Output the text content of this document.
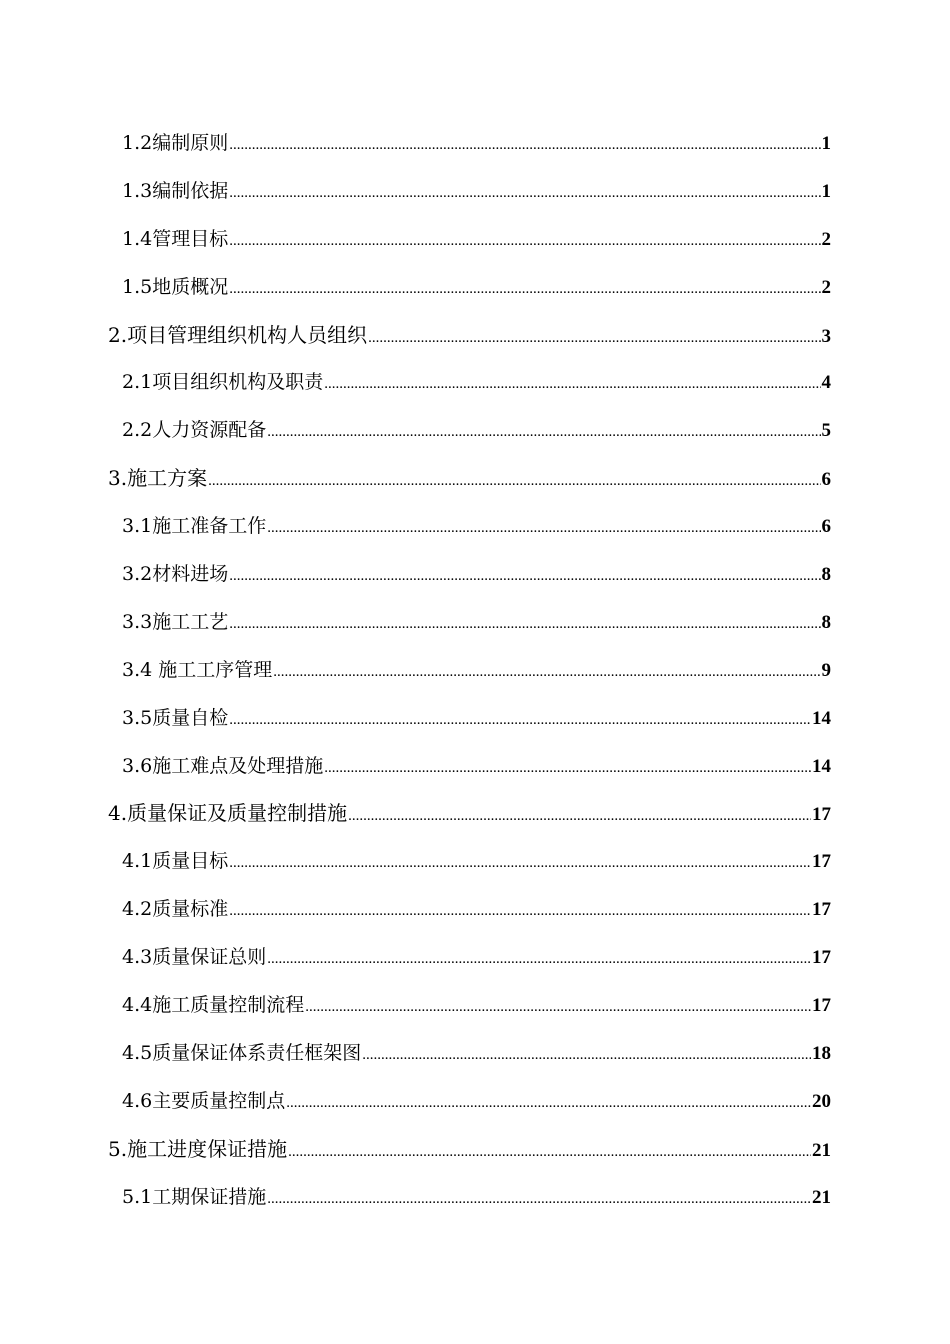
1.2编制原则 .....	1
1.3编制依据 .....	1
1.4管理目标 .....	2
1.5地质概况 .....	2
2.项目管理组织机构人员组织 .....	3
2.1项目组织机构及职责 .....	4
2.2人力资源配备 .....	5
3.施工方案 .....	6
3.1施工准备工作 .....	6
3.2材料进场 .....	8
3.3施工工艺 .....	8
3.4 施工工序管理 .....	9
3.5质量自检 .....	14
3.6施工难点及处理措施 .....	14
4.质量保证及质量控制措施 .....	17
4.1质量目标 .....	17
4.2质量标准 .....	17
4.3质量保证总则 .....	17
4.4施工质量控制流程 .....	17
4.5质量保证体系责任框架图 .....	18
4.6主要质量控制点 .....	20
5.施工进度保证措施 .....	21
5.1工期保证措施 .....	21
